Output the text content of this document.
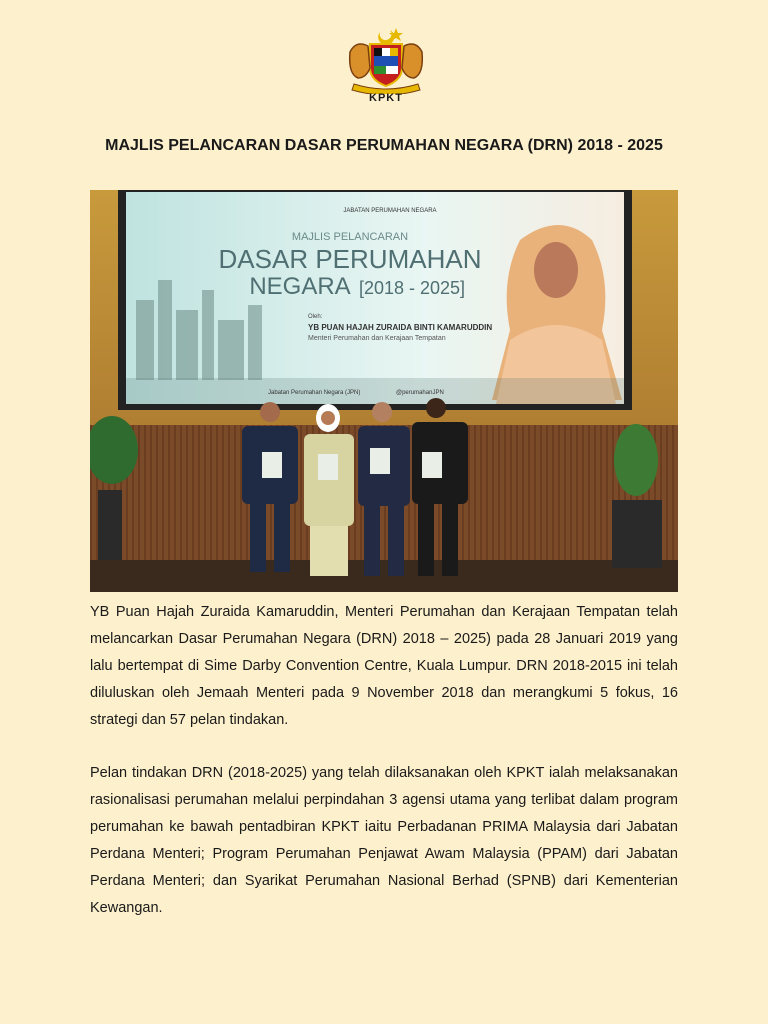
KPKT
MAJLIS PELANCARAN DASAR PERUMAHAN NEGARA (DRN) 2018 - 2025
JABATAN PERUMAHAN NEGARA
MAJLIS PELANCARAN
DASAR PERUMAHAN
NEGARA [2018 - 2025]
Oleh:
YB PUAN HAJAH ZURAIDA BINTI KAMARUDDIN
Menteri Perumahan dan Kerajaan Tempatan
Jabatan Perumahan Negara (JPN)	@perumahanJPN

YB Puan Hajah Zuraida Kamaruddin, Menteri Perumahan dan Kerajaan Tempatan telah melancarkan Dasar Perumahan Negara (DRN) 2018 – 2025) pada 28 Januari 2019 yang lalu bertempat di Sime Darby Convention Centre, Kuala Lumpur. DRN 2018-2015 ini telah diluluskan oleh Jemaah Menteri pada 9 November 2018 dan merangkumi 5 fokus, 16 strategi dan 57 pelan tindakan.

Pelan tindakan DRN (2018-2025) yang telah dilaksanakan oleh KPKT ialah melaksanakan rasionalisasi perumahan melalui perpindahan 3 agensi utama yang terlibat dalam program perumahan ke bawah pentadbiran KPKT iaitu Perbadanan PRIMA Malaysia dari Jabatan Perdana Menteri; Program Perumahan Penjawat Awam Malaysia (PPAM) dari Jabatan Perdana Menteri; dan Syarikat Perumahan Nasional Berhad (SPNB) dari Kementerian Kewangan.
